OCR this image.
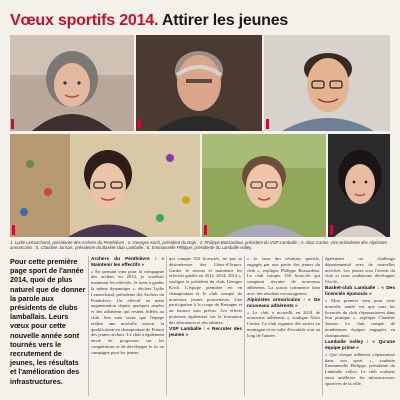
Vœux sportifs 2014. Attirer les jeunes
1. Lydie Lemarchand, présidente des Archers du Penthièvre ; 2. Georges Koch, président du Dojo ; 3. Philippe Bossardeur, président du VSP Lamballe ; 4. Alice Cartier, vice-présidente des Alpinistes armoricains ; 5. Claudine Jarnais, présidente du Basket-club Lamballe ; 6. Emmanuelle Philippe, présidente du Lamballe volley.
Pour cette première page sport de l'année 2014, quoi de plus naturel que de donner la parole aux présidents de clubs lamballais. Leurs vœux pour cette nouvelle année sont tournés vers le recrutement de jeunes, les résultats et l'amélioration des infrastructures.
Archers du Penthièvre : « Maintenir les effectifs »

« En pensant vœu pour la compagnie des archers en 2014, je voudrais maintenir les effectifs. Je tiens à garder la même dynamique », déclare Lydie Lemarchand, présidente des Archers du Penthièvre. Un effectif en nette augmentation depuis quelques années et des adhérents qui restent fidèles au club. Son vœu serait que l'équipe réalise une nouvelle saison, la qualification en championnat de France des jeunes archers. Le club a également envie de progresser sur les compétitions et de développer le tir en campagne pour les jeunes.

qui compte 310 licenciés, ne pas se désintéresser des Côtes-d'Armor. Garder le niveau et maintenir les effectifs gardés en 2014. 2014, 2014 », souligne le président du club, Georges Koch. L'équipe première est en championnat et le club compte de nouveaux jeunes prometteurs. Une participation à la coupe de Bretagne et un tournoi sont prévus. Les efforts porteront également sur la formation des éducateurs et des arbitres.

VSP Lamballe : « Recruter des jeunes »

« Je veux des résultats sportifs, engagés par une partie des jeunes du club », explique Philippe Bossardeur. Le club compte 150 licenciés qui comptent recruter de nouveaux adhérents. La saison commence bien avec des résultats encourageants.

Alpinistes armoricains : « De nouveaux adhérents »

« Le club a accueilli en 2014 de nouveaux adhérents », souligne Alice Cartier. Le club organise des sorties en montagne et en salle d'escalade tout au long de l'année.

également un challenge départemental avec de nouvelles activités. Les jeunes sont l'avenir du club et nous souhaitons développer l'école.

Basket-club Lamballe : « Des licenciés épanouis »

« Mon premier vœu pour cette nouvelle année est que tous les licenciés du club s'épanouissent dans leur pratique », explique Claudine Jarnais. Le club compte de nombreuses équipes engagées en championnat.

Lamballe volley : « Qu'une équipe prime »

« Que chaque adhérent s'épanouisse dans son sport », souhaite Emmanuelle Philippe, présidente du Lamballe volley. Le club souhaite aussi améliorer les infrastructures sportives de la ville.
